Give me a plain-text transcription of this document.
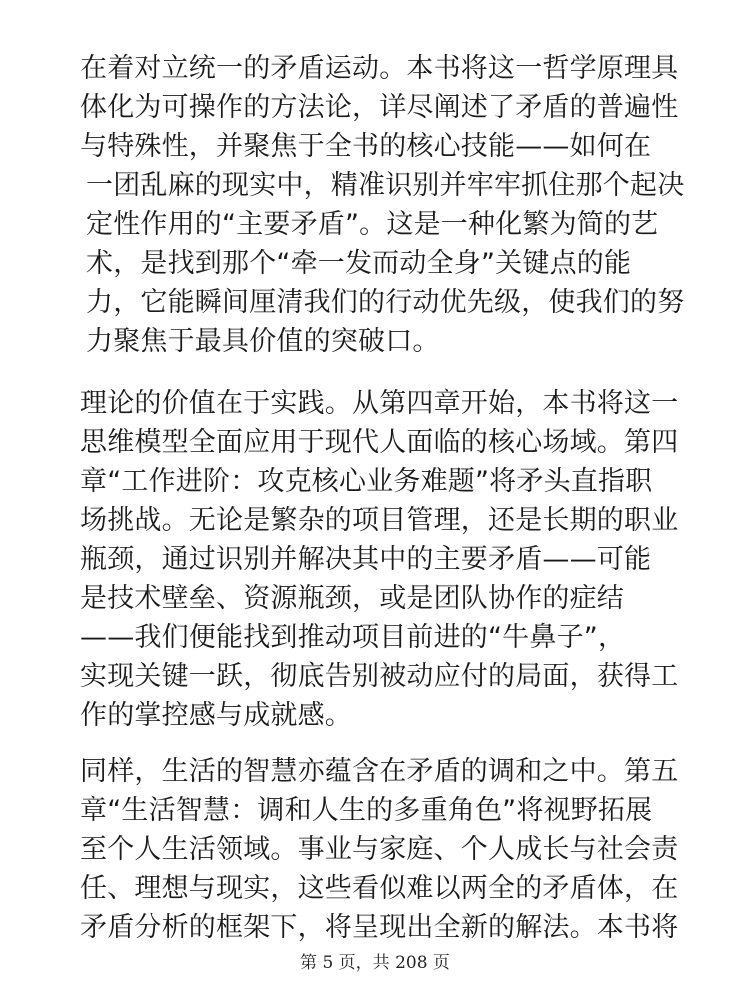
在着对立统一的矛盾运动。本书将这一哲学原理具
体化为可操作的方法论，详尽阐述了矛盾的普遍性
与特殊性，并聚焦于全书的核心技能——如何在
一团乱麻的现实中，精准识别并牢牢抓住那个起决
定性作用的“主要矛盾”。这是一种化繁为简的艺
术，是找到那个“牵一发而动全身”关键点的能
力，它能瞬间厘清我们的行动优先级，使我们的努
力聚焦于最具价值的突破口。
理论的价值在于实践。从第四章开始，本书将这一
思维模型全面应用于现代人面临的核心场域。第四
章“工作进阶：攻克核心业务难题”将矛头直指职
场挑战。无论是繁杂的项目管理，还是长期的职业
瓶颈，通过识别并解决其中的主要矛盾——可能
是技术壁垒、资源瓶颈，或是团队协作的症结
——我们便能找到推动项目前进的“牛鼻子”，
实现关键一跃，彻底告别被动应付的局面，获得工
作的掌控感与成就感。
同样，生活的智慧亦蕴含在矛盾的调和之中。第五
章“生活智慧：调和人生的多重角色”将视野拓展
至个人生活领域。事业与家庭、个人成长与社会责
任、理想与现实，这些看似难以两全的矛盾体，在
矛盾分析的框架下，将呈现出全新的解法。本书将
第 5 页，共 208 页
